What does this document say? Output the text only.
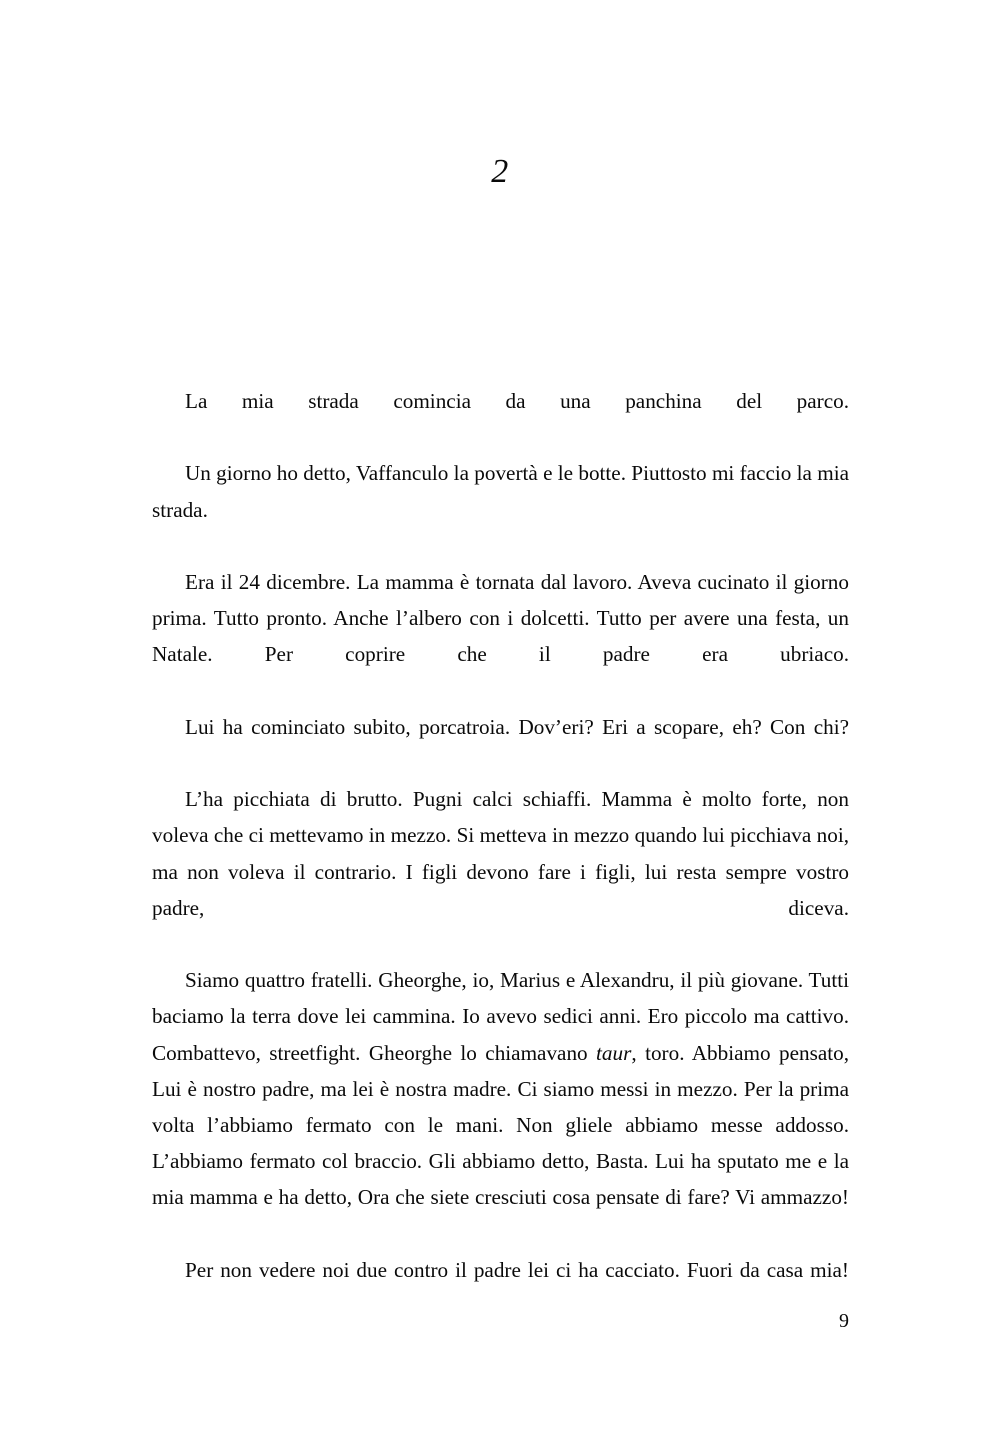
2

La mia strada comincia da una panchina del parco.

Un giorno ho detto, Vaffanculo la povertà e le botte. Piuttosto mi faccio la mia strada.

Era il 24 dicembre. La mamma è tornata dal lavoro. Aveva cucinato il giorno prima. Tutto pronto. Anche l’albero con i dolcetti. Tutto per avere una festa, un Natale. Per coprire che il padre era ubriaco.

Lui ha cominciato subito, porcatroia. Dov’eri? Eri a scopare, eh? Con chi?

L’ha picchiata di brutto. Pugni calci schiaffi. Mamma è molto forte, non voleva che ci mettevamo in mezzo. Si metteva in mezzo quando lui picchiava noi, ma non voleva il contrario. I figli devono fare i figli, lui resta sempre vostro padre, diceva.

Siamo quattro fratelli. Gheorghe, io, Marius e Alexandru, il più giovane. Tutti baciamo la terra dove lei cammina. Io avevo sedici anni. Ero piccolo ma cattivo. Combattevo, streetfight. Gheorghe lo chiamavano taur, toro. Abbiamo pensato, Lui è nostro padre, ma lei è nostra madre. Ci siamo messi in mezzo. Per la prima volta l’abbiamo fermato con le mani. Non gliele abbiamo messe addosso. L’abbiamo fermato col braccio. Gli abbiamo detto, Basta. Lui ha sputato me e la mia mamma e ha detto, Ora che siete cresciuti cosa pensate di fare? Vi ammazzo!

Per non vedere noi due contro il padre lei ci ha cacciato. Fuori da casa mia!

9
